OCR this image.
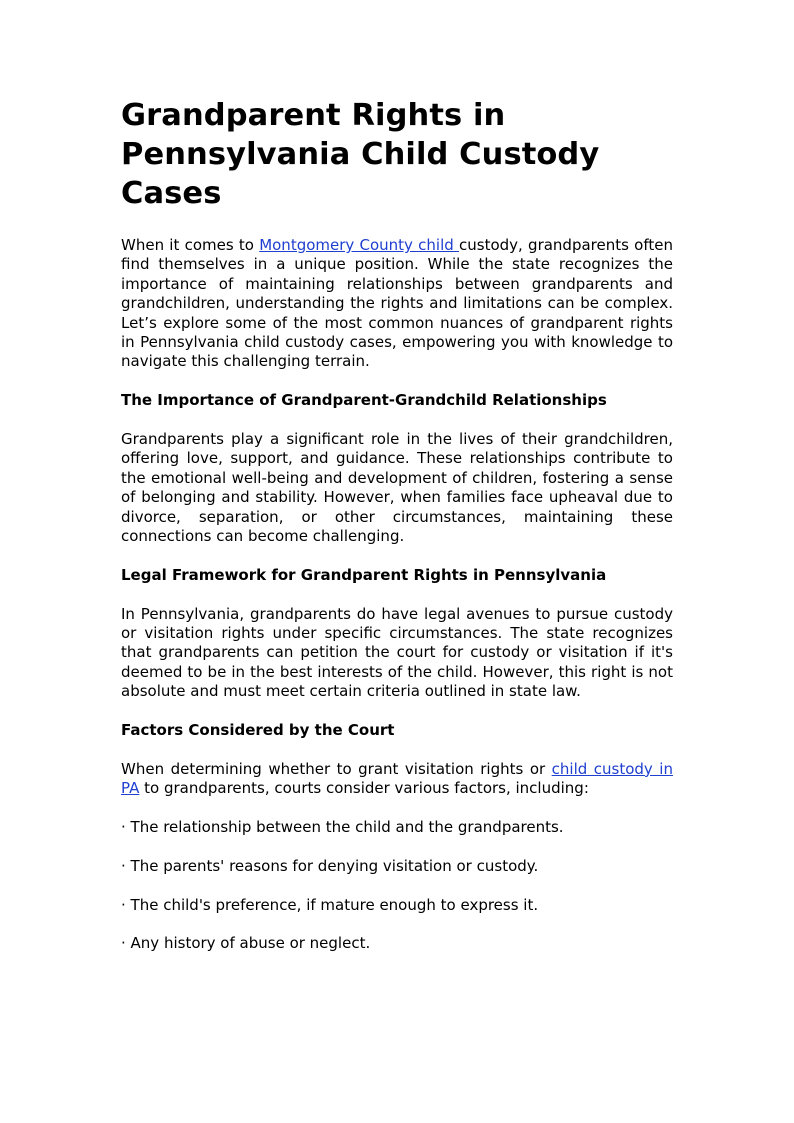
Grandparent Rights in Pennsylvania Child Custody Cases

When it comes to Montgomery County child custody, grandparents often find themselves in a unique position. While the state recognizes the importance of maintaining relationships between grandparents and grandchildren, understanding the rights and limitations can be complex. Let’s explore some of the most common nuances of grandparent rights in Pennsylvania child custody cases, empowering you with knowledge to navigate this challenging terrain.

The Importance of Grandparent-Grandchild Relationships

Grandparents play a significant role in the lives of their grandchildren, offering love, support, and guidance. These relationships contribute to the emotional well-being and development of children, fostering a sense of belonging and stability. However, when families face upheaval due to divorce, separation, or other circumstances, maintaining these connections can become challenging.

Legal Framework for Grandparent Rights in Pennsylvania

In Pennsylvania, grandparents do have legal avenues to pursue custody or visitation rights under specific circumstances. The state recognizes that grandparents can petition the court for custody or visitation if it's deemed to be in the best interests of the child. However, this right is not absolute and must meet certain criteria outlined in state law.

Factors Considered by the Court

When determining whether to grant visitation rights or child custody in PA to grandparents, courts consider various factors, including:

· The relationship between the child and the grandparents.

· The parents' reasons for denying visitation or custody.

· The child's preference, if mature enough to express it.

· Any history of abuse or neglect.
